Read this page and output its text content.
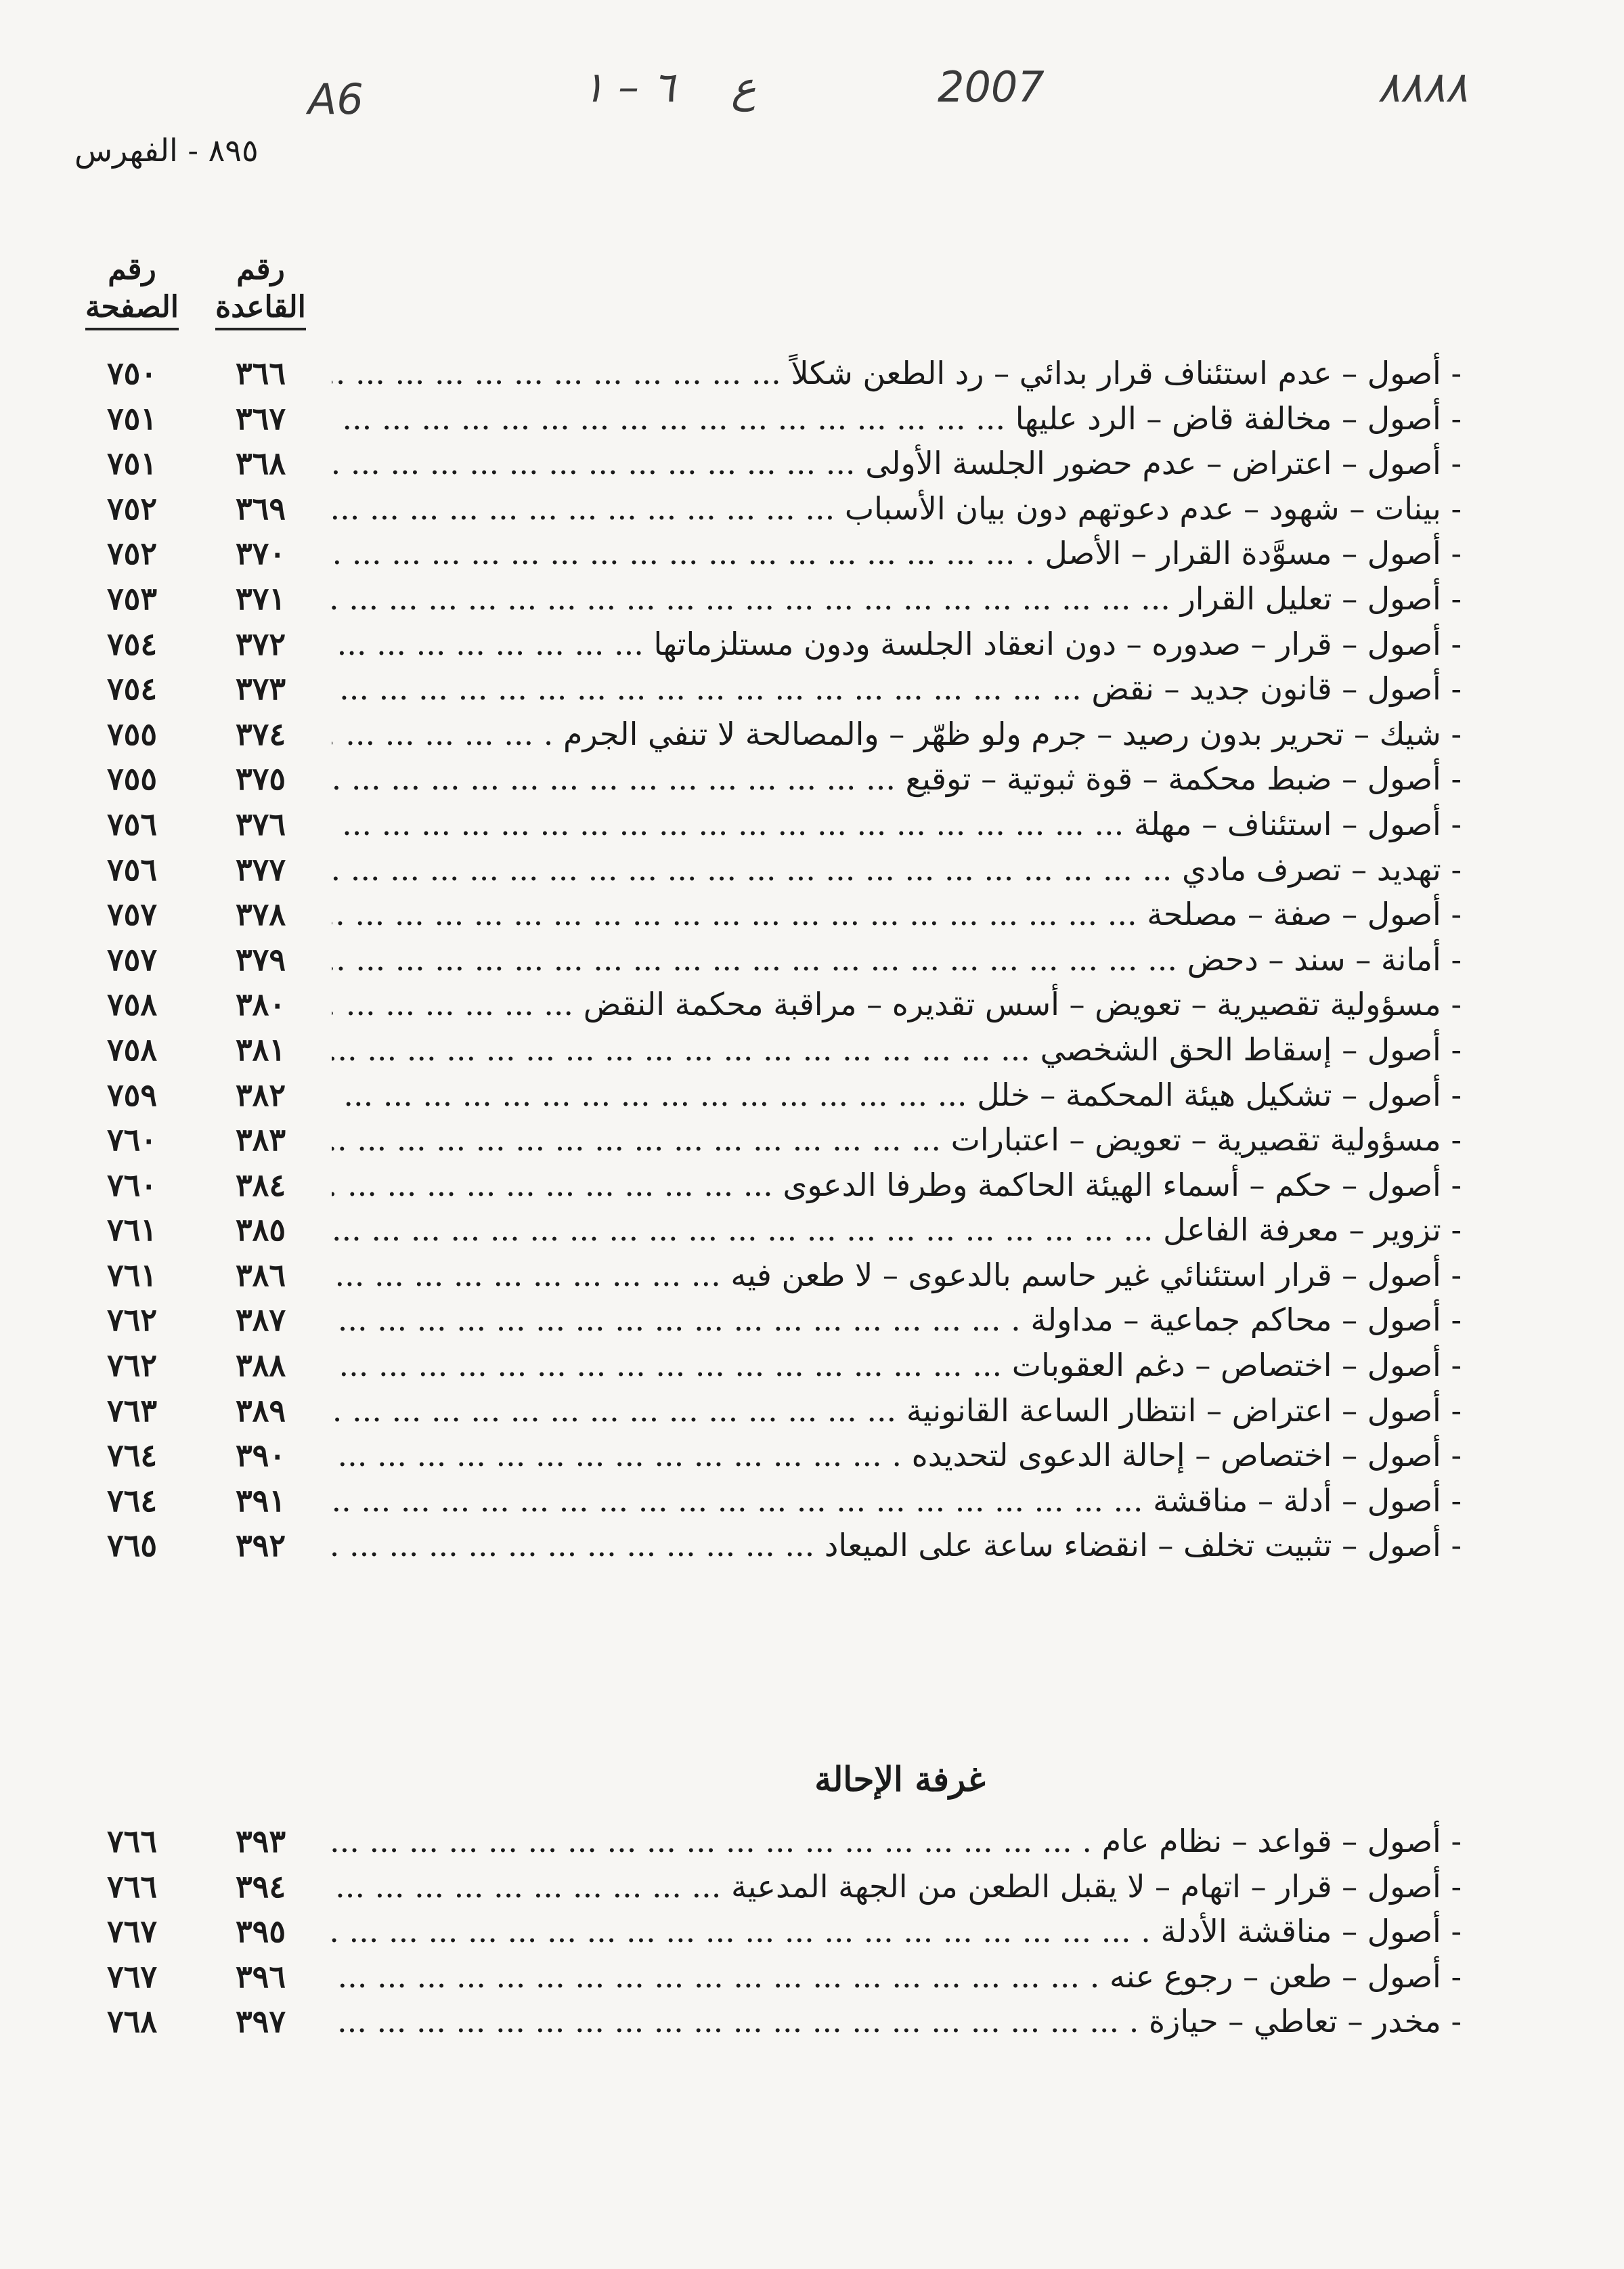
A6	2007
ع
٦ – ١	٨٨٨٨
٨٩٥ - الفهرس
رقم
الصفحة
رقم
القاعدة
٧٥٠	٣٦٦	- أصول – عدم استئناف قرار بدائي – رد الطعن شكلاً ... .
٧٥١	٣٦٧	- أصول – مخالفة قاض – الرد عليها ... .
٧٥١	٣٦٨	- أصول – اعتراض – عدم حضور الجلسة الأولى ... .
٧٥٢	٣٦٩	- بينات – شهود – عدم دعوتهم دون بيان الأسباب ... .
٧٥٢	٣٧٠	- أصول – مسوَّدة القرار – الأصل . ... .
٧٥٣	٣٧١	- أصول – تعليل القرار ... .
٧٥٤	٣٧٢	- أصول – قرار – صدوره – دون انعقاد الجلسة ودون مستلزماتها ... .
٧٥٤	٣٧٣	- أصول – قانون جديد – نقض ... .
٧٥٥	٣٧٤	- شيك – تحرير بدون رصيد – جرم ولو ظهّر – والمصالحة لا تنفي الجرم . ... .
٧٥٥	٣٧٥	- أصول – ضبط محكمة – قوة ثبوتية – توقيع ... .
٧٥٦	٣٧٦	- أصول – استئناف – مهلة ... .
٧٥٦	٣٧٧	- تهديد – تصرف مادي ... .
٧٥٧	٣٧٨	- أصول – صفة – مصلحة ... .
٧٥٧	٣٧٩	- أمانة – سند – دحض ... .
٧٥٨	٣٨٠	- مسؤولية تقصيرية – تعويض – أسس تقديره – مراقبة محكمة النقض ... .
٧٥٨	٣٨١	- أصول – إسقاط الحق الشخصي ... .
٧٥٩	٣٨٢	- أصول – تشكيل هيئة المحكمة – خلل ... .
٧٦٠	٣٨٣	- مسؤولية تقصيرية – تعويض – اعتبارات ... .
٧٦٠	٣٨٤	- أصول – حكم – أسماء الهيئة الحاكمة وطرفا الدعوى ... .
٧٦١	٣٨٥	- تزوير – معرفة الفاعل ... .
٧٦١	٣٨٦	- أصول – قرار استئنائي غير حاسم بالدعوى – لا طعن فيه ... .
٧٦٢	٣٨٧	- أصول – محاكم جماعية – مداولة . ... .
٧٦٢	٣٨٨	- أصول – اختصاص – دغم العقوبات ... .
٧٦٣	٣٨٩	- أصول – اعتراض – انتظار الساعة القانونية ... .
٧٦٤	٣٩٠	- أصول – اختصاص – إحالة الدعوى لتحديده . ... .
٧٦٤	٣٩١	- أصول – أدلة – مناقشة ... .
٧٦٥	٣٩٢	- أصول – تثبيت تخلف – انقضاء ساعة على الميعاد ... .
غرفة الإحالة
٧٦٦	٣٩٣	- أصول – قواعد – نظام عام . ... .
٧٦٦	٣٩٤	- أصول – قرار – اتهام – لا يقبل الطعن من الجهة المدعية ... .
٧٦٧	٣٩٥	- أصول – مناقشة الأدلة . ... .
٧٦٧	٣٩٦	- أصول – طعن – رجوع عنه . ... .
٧٦٨	٣٩٧	- مخدر – تعاطي – حيازة . ... .
